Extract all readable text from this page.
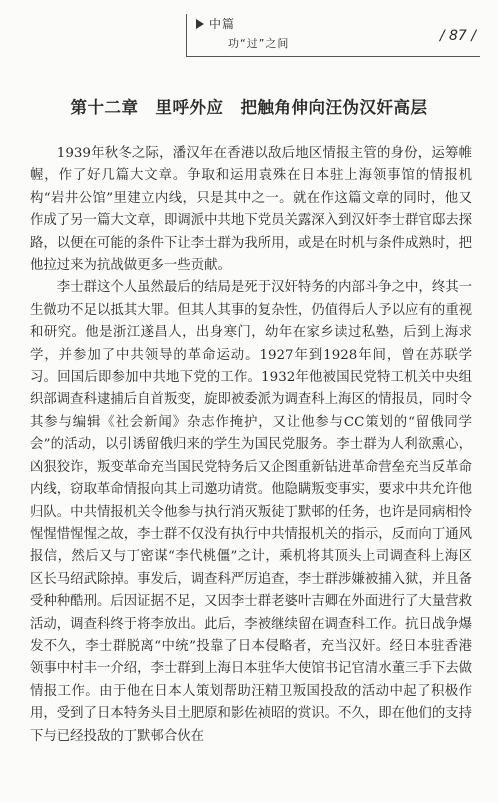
中篇
功“过”之间	/ 87 /
第十二章　里呼外应　把触角伸向汪伪汉奸高层

1939年秋冬之际，潘汉年在香港以敌后地区情报主管的身份，运筹帷幄，作了好几篇大文章。争取和运用袁殊在日本驻上海领事馆的情报机构“岩井公馆”里建立内线，只是其中之一。就在作这篇文章的同时，他又作成了另一篇大文章，即调派中共地下党员关露深入到汉奸李士群官邸去探路，以便在可能的条件下让李士群为我所用，或是在时机与条件成熟时，把他拉过来为抗战做更多一些贡献。

李士群这个人虽然最后的结局是死于汉奸特务的内部斗争之中，终其一生微功不足以抵其大罪。但其人其事的复杂性，仍值得后人予以应有的重视和研究。他是浙江遂昌人，出身寒门，幼年在家乡读过私塾，后到上海求学，并参加了中共领导的革命运动。1927年到1928年间，曾在苏联学习。回国后即参加中共地下党的工作。1932年他被国民党特工机关中央组织部调查科逮捕后自首叛变，旋即被委派为调查科上海区的情报员，同时令其参与编辑《社会新闻》杂志作掩护，又让他参与CC策划的“留俄同学会”的活动，以引诱留俄归来的学生为国民党服务。李士群为人利欲熏心，凶狠狡诈，叛变革命充当国民党特务后又企图重新钻进革命营垒充当反革命内线，窃取革命情报向其上司邀功请赏。他隐瞒叛变事实，要求中共允许他归队。中共情报机关令他参与执行消灭叛徒丁默邨的任务，也许是同病相怜惺惺惜惺惺之故，李士群不仅没有执行中共情报机关的指示，反而向丁通风报信，然后又与丁密谋“李代桃僵”之计，乘机将其顶头上司调查科上海区区长马绍武除掉。事发后，调查科严厉追查，李士群涉嫌被捕入狱，并且备受种种酷刑。后因证据不足，又因李士群老婆叶吉卿在外面进行了大量营救活动，调查科终于将李放出。此后，李被继续留在调查科工作。抗日战争爆发不久，李士群脱离“中统”投靠了日本侵略者，充当汉奸。经日本驻香港领事中村丰一介绍，李士群到上海日本驻华大使馆书记官清水董三手下去做情报工作。由于他在日本人策划帮助汪精卫叛国投敌的活动中起了积极作用，受到了日本特务头目土肥原和影佐祯昭的赏识。不久，即在他们的支持下与已经投敌的丁默邨合伙在
